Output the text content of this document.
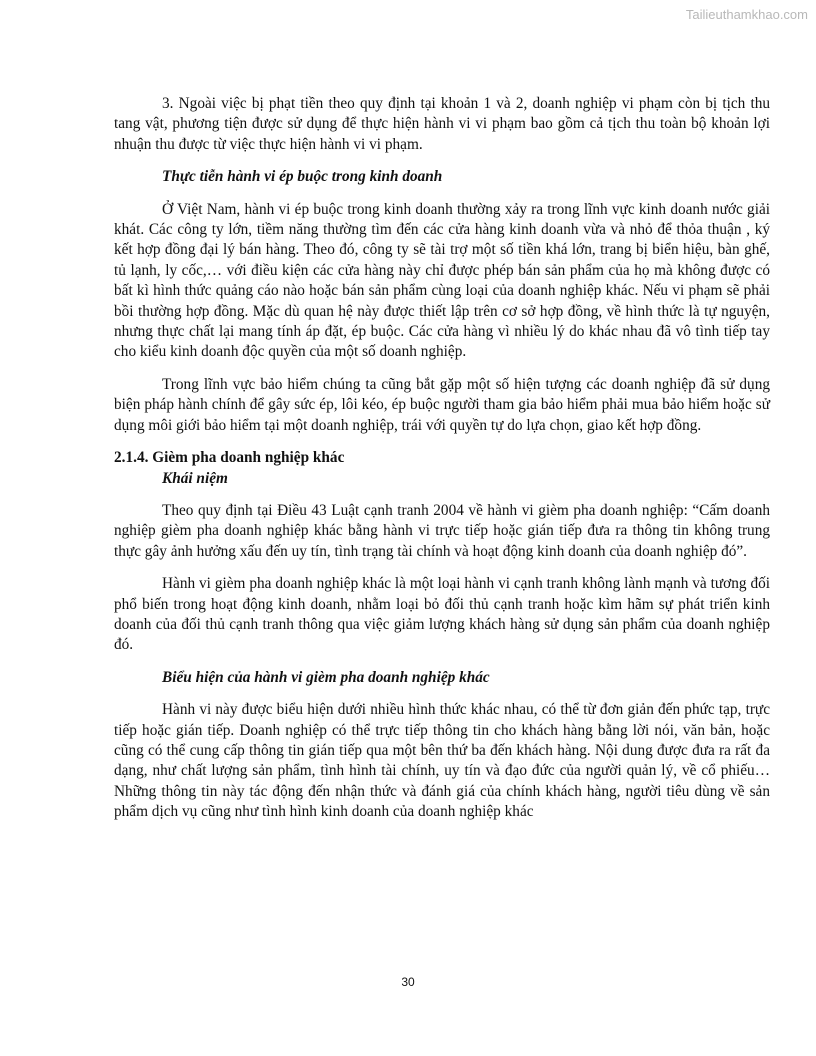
Tailieuthamkhao.com

3. Ngoài việc bị phạt tiền theo quy định tại khoản 1 và 2, doanh nghiệp vi phạm còn bị tịch thu tang vật, phương tiện được sử dụng để thực hiện hành vi vi phạm bao gồm cả tịch thu toàn bộ khoản lợi nhuận thu được từ việc thực hiện hành vi vi phạm.

Thực tiễn hành vi ép buộc trong kinh doanh

Ở Việt Nam, hành vi ép buộc trong kinh doanh thường xảy ra trong lĩnh vực kinh doanh nước giải khát. Các công ty lớn, tiềm năng thường tìm đến các cửa hàng kinh doanh vừa và nhỏ để thỏa thuận , ký kết hợp đồng đại lý bán hàng. Theo đó, công ty sẽ tài trợ một số tiền khá lớn, trang bị biển hiệu, bàn ghế, tủ lạnh, ly cốc,… với điều kiện các cửa hàng này chỉ được phép bán sản phẩm của họ mà không được có bất kì hình thức quảng cáo nào hoặc bán sản phẩm cùng loại của doanh nghiệp khác. Nếu vi phạm sẽ phải bồi thường hợp đồng. Mặc dù quan hệ này được thiết lập trên cơ sở hợp đồng, về hình thức là tự nguyện, nhưng thực chất lại mang tính áp đặt, ép buộc. Các cửa hàng vì nhiều lý do khác nhau đã vô tình tiếp tay cho kiểu kinh doanh độc quyền của một số doanh nghiệp.

Trong lĩnh vực bảo hiểm chúng ta cũng bắt gặp một số hiện tượng các doanh nghiệp đã sử dụng biện pháp hành chính để gây sức ép, lôi kéo, ép buộc người tham gia bảo hiểm phải mua bảo hiểm hoặc sử dụng môi giới bảo hiểm tại một doanh nghiệp, trái với quyền tự do lựa chọn, giao kết hợp đồng.

2.1.4. Gièm pha doanh nghiệp khác
Khái niệm

Theo quy định tại Điều 43 Luật cạnh tranh 2004 về hành vi gièm pha doanh nghiệp: “Cấm doanh nghiệp gièm pha doanh nghiệp khác bằng hành vi trực tiếp hoặc gián tiếp đưa ra thông tin không trung thực gây ảnh hưởng xấu đến uy tín, tình trạng tài chính và hoạt động kinh doanh của doanh nghiệp đó”.

Hành vi gièm pha doanh nghiệp khác là một loại hành vi cạnh tranh không lành mạnh và tương đối phổ biến trong hoạt động kinh doanh, nhằm loại bỏ đối thủ cạnh tranh hoặc kìm hãm sự phát triển kinh doanh của đối thủ cạnh tranh thông qua việc giảm lượng khách hàng sử dụng sản phẩm của doanh nghiệp đó.

Biểu hiện của hành vi gièm pha doanh nghiệp khác

Hành vi này được biểu hiện dưới nhiều hình thức khác nhau, có thể từ đơn giản đến phức tạp, trực tiếp hoặc gián tiếp. Doanh nghiệp có thể trực tiếp thông tin cho khách hàng bằng lời nói, văn bản, hoặc cũng có thể cung cấp thông tin gián tiếp qua một bên thứ ba đến khách hàng. Nội dung được đưa ra rất đa dạng, như chất lượng sản phẩm, tình hình tài chính, uy tín và đạo đức của người quản lý, về cổ phiếu…Những thông tin này tác động đến nhận thức và đánh giá của chính khách hàng, người tiêu dùng về sản phẩm dịch vụ cũng như tình hình kinh doanh của doanh nghiệp khác

30
